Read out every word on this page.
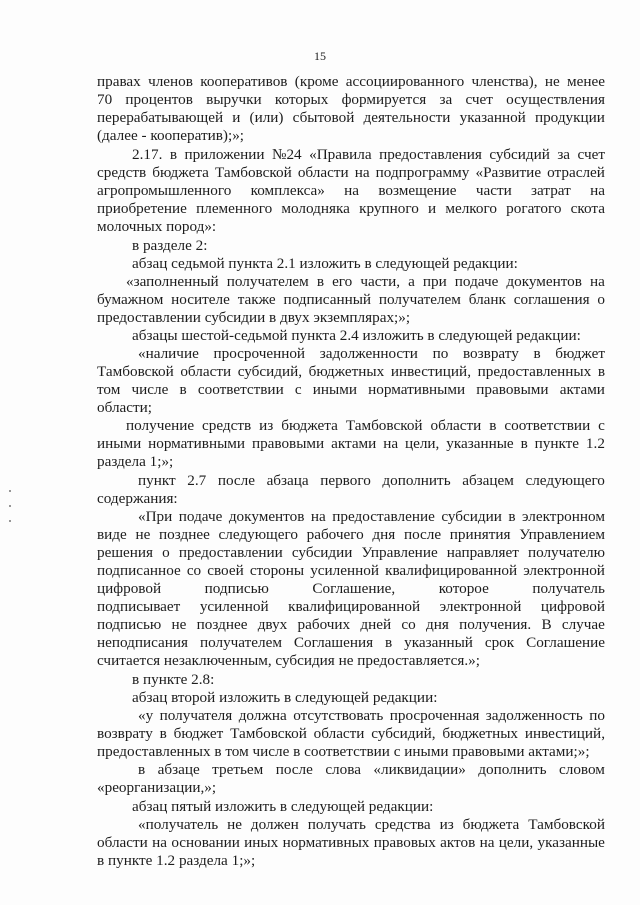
15
правах членов кооперативов (кроме ассоциированного членства), не менее
70 процентов выручки которых формируется за счет осуществления
перерабатывающей и (или) сбытовой деятельности указанной продукции
(далее - кооператив);»;
2.17. в приложении №24 «Правила предоставления субсидий за счет
средств бюджета Тамбовской области на подпрограмму «Развитие отраслей
агропромышленного комплекса» на возмещение части затрат на
приобретение племенного молодняка крупного и мелкого рогатого скота
молочных пород»:
в разделе 2:
абзац седьмой пункта 2.1 изложить в следующей редакции:
«заполненный получателем в его части, а при подаче документов на
бумажном носителе также подписанный получателем бланк соглашения о
предоставлении субсидии в двух экземплярах;»;
абзацы шестой-седьмой пункта 2.4 изложить в следующей редакции:
«наличие просроченной задолженности по возврату в бюджет
Тамбовской области субсидий, бюджетных инвестиций, предоставленных в
том числе в соответствии с иными нормативными правовыми актами
области;
получение средств из бюджета Тамбовской области в соответствии с
иными нормативными правовыми актами на цели, указанные в пункте 1.2
раздела 1;»;
пункт 2.7 после абзаца первого дополнить абзацем следующего
содержания:
«При подаче документов на предоставление субсидии в электронном
виде не позднее следующего рабочего дня после принятия Управлением
решения о предоставлении субсидии Управление направляет получателю
подписанное со своей стороны усиленной квалифицированной электронной
цифровой	подписью	Соглашение,	которое	получатель
подписывает усиленной квалифицированной электронной цифровой
подписью не позднее двух рабочих дней со дня получения. В случае
неподписания получателем Соглашения в указанный срок Соглашение
считается незаключенным, субсидия не предоставляется.»;
в пункте 2.8:
абзац второй изложить в следующей редакции:
«у получателя должна отсутствовать просроченная задолженность по
возврату в бюджет Тамбовской области субсидий, бюджетных инвестиций,
предоставленных в том числе в соответствии с иными правовыми актами;»;
в абзаце третьем после слова «ликвидации» дополнить словом
«реорганизации,»;
абзац пятый изложить в следующей редакции:
«получатель не должен получать средства из бюджета Тамбовской
области на основании иных нормативных правовых актов на цели, указанные
в пункте 1.2 раздела 1;»;
